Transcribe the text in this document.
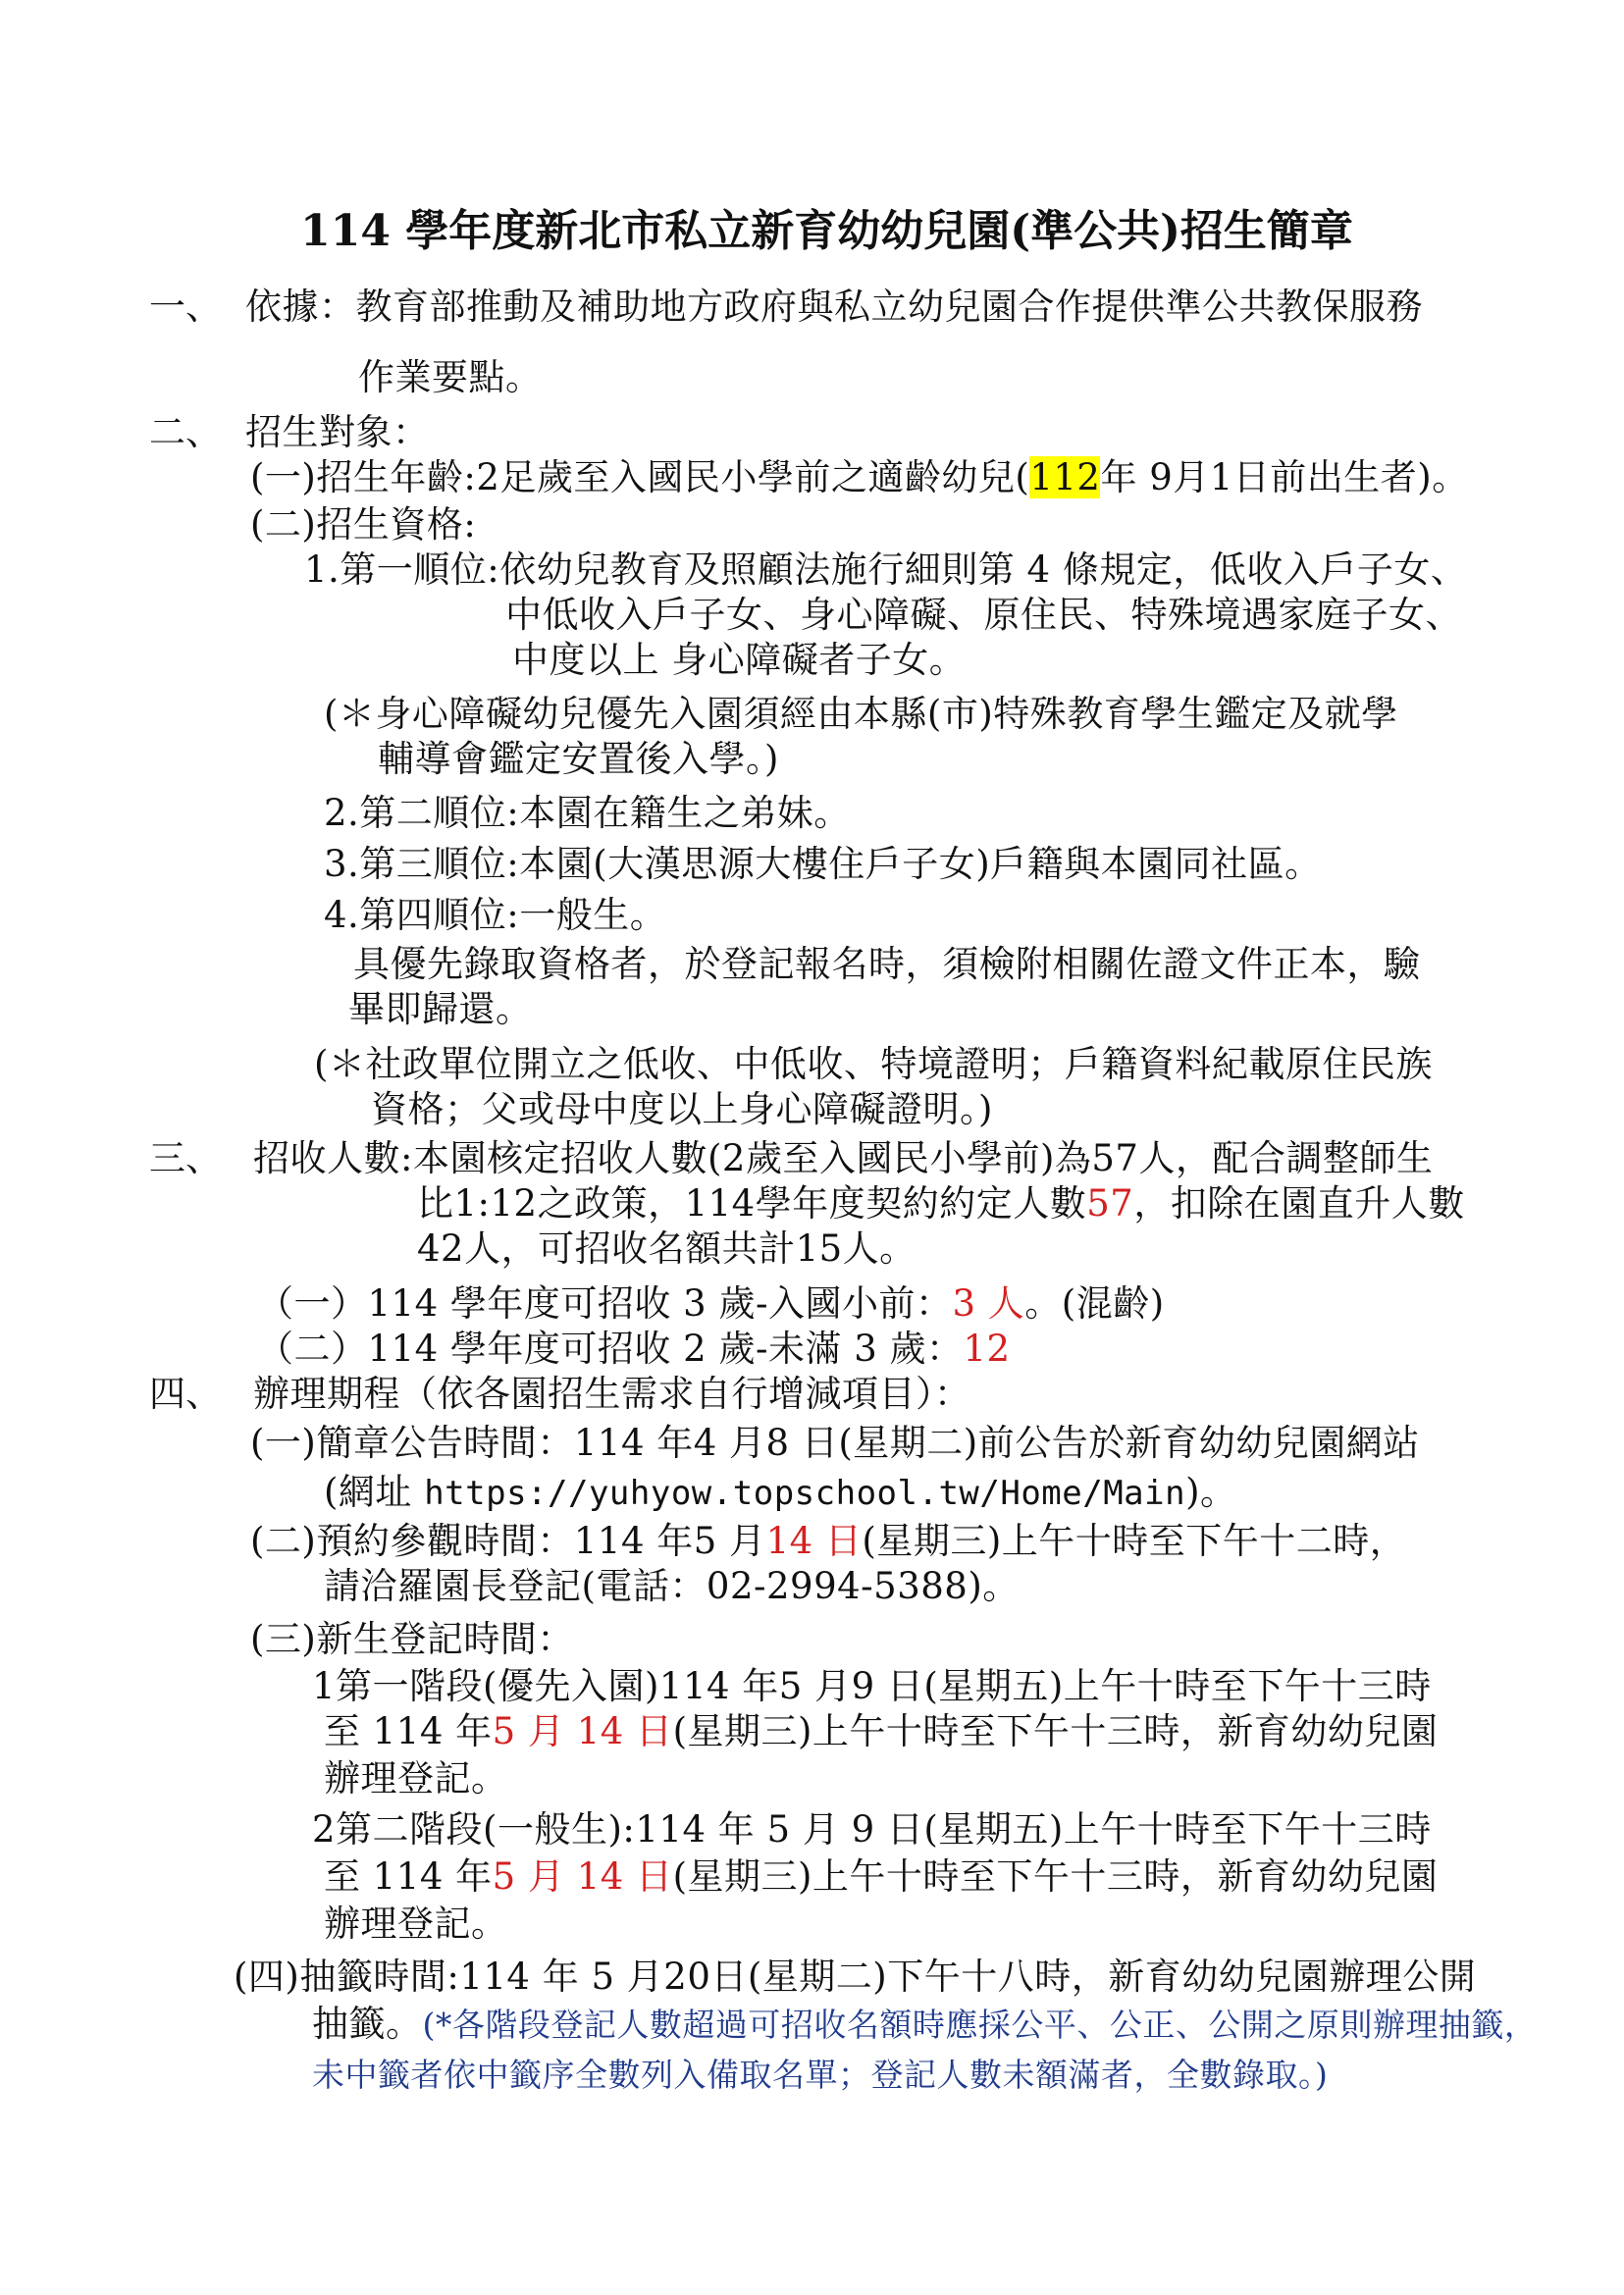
114 學年度新北市私立新育幼幼兒園(準公共)招生簡章
一、 依據：教育部推動及補助地方政府與私立幼兒園合作提供準公共教保服務
作業要點。
二、 招生對象：
(一)招生年齡:2足歲至入國民小學前之適齡幼兒(112年 9月1日前出生者)。
(二)招生資格:
1.第一順位:依幼兒教育及照顧法施行細則第 4 條規定，低收入戶子女、
中低收入戶子女、身心障礙、原住民、特殊境遇家庭子女、
中度以上 身心障礙者子女。
(＊身心障礙幼兒優先入園須經由本縣(市)特殊教育學生鑑定及就學
輔導會鑑定安置後入學。)
2.第二順位:本園在籍生之弟妹。
3.第三順位:本園(大漢思源大樓住戶子女)戶籍與本園同社區。
4.第四順位:一般生。
具優先錄取資格者，於登記報名時，須檢附相關佐證文件正本，驗
畢即歸還。
(＊社政單位開立之低收、中低收、特境證明；戶籍資料紀載原住民族
資格；父或母中度以上身心障礙證明。)
三、 招收人數:本園核定招收人數(2歲至入國民小學前)為57人，配合調整師生
比1:12之政策，114學年度契約約定人數57，扣除在園直升人數
42人，可招收名額共計15人。
（一）114 學年度可招收 3 歲-入國小前：3 人。(混齡)
（二）114 學年度可招收 2 歲-未滿 3 歲：12
四、 辦理期程（依各園招生需求自行增減項目）：
(一)簡章公告時間：114 年4 月8 日(星期二)前公告於新育幼幼兒園網站
(網址 https://yuhyow.topschool.tw/Home/Main)。
(二)預約參觀時間：114 年5 月14 日(星期三)上午十時至下午十二時，
請洽羅園長登記(電話：02-2994-5388)。
(三)新生登記時間：
1第一階段(優先入園)114 年5 月9 日(星期五)上午十時至下午十三時
至 114 年5 月 14 日(星期三)上午十時至下午十三時，新育幼幼兒園
辦理登記。
2第二階段(一般生):114 年 5 月 9 日(星期五)上午十時至下午十三時
至 114 年5 月 14 日(星期三)上午十時至下午十三時，新育幼幼兒園
辦理登記。
(四)抽籤時間:114 年 5 月20日(星期二)下午十八時，新育幼幼兒園辦理公開
抽籤。(*各階段登記人數超過可招收名額時應採公平、公正、公開之原則辦理抽籤，
未中籤者依中籤序全數列入備取名單；登記人數未額滿者，全數錄取。)
